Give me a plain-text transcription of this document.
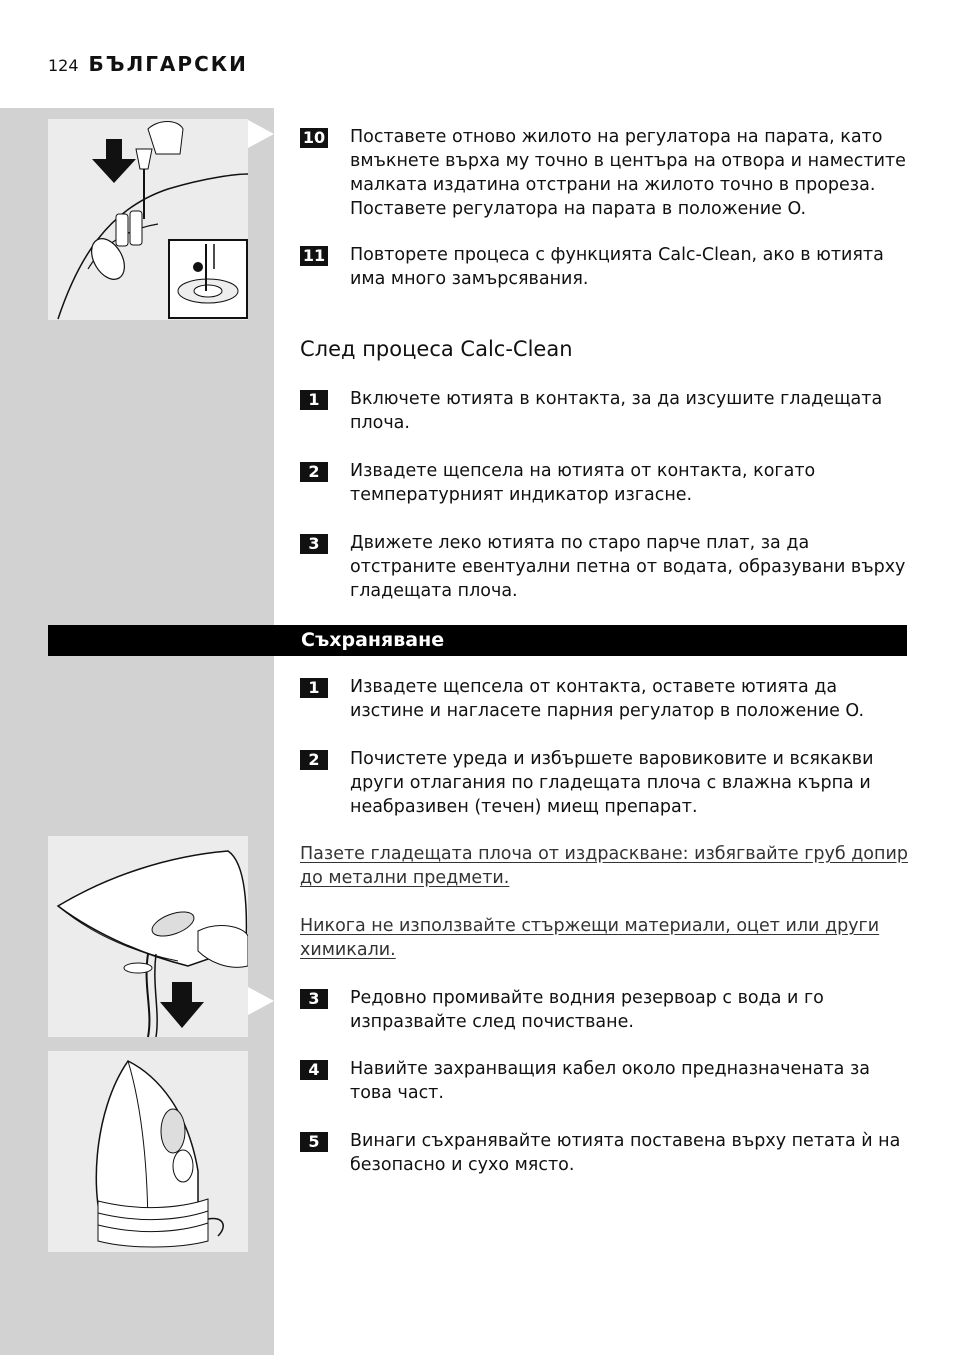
124 БЪЛГАРСКИ
10 Поставете отново жилото на регулатора на парата, като вмъкнете върха му точно в центъра на отвора и наместите малката издатина отстрани на жилото точно в прореза. Поставете регулатора на парата в положение O.
11 Повторете процеса с функцията Calc-Clean, ако в ютията има много замърсявания.
След процеса Calc-Clean
1	Включете ютията в контакта, за да изсушите гладещата плоча.
2	Извадете щепсела на ютията от контакта, когато температурният индикатор изгасне.
3	Движете леко ютията по старо парче плат, за да отстраните евентуални петна от водата, образувани върху гладещата плоча.
Съхраняване
1	Извадете щепсела от контакта, оставете ютията да изстине и нагласете парния регулатор в положение O.
2	Почистете уреда и избършете варовиковите и всякакви други отлагания по гладещата плоча с влажна кърпа и неабразивен (течен) миещ препарат.
Пазете гладещата плоча от издраскване: избягвайте груб допир до метални предмети.
Никога не използвайте стържещи материали, оцет или други химикали.
3	Редовно промивайте водния резервоар с вода и го изпразвайте след почистване.
4	Навийте захранващия кабел около предназначената за това част.
5	Винаги съхранявайте ютията поставена върху петата ѝ на безопасно и сухо място.
